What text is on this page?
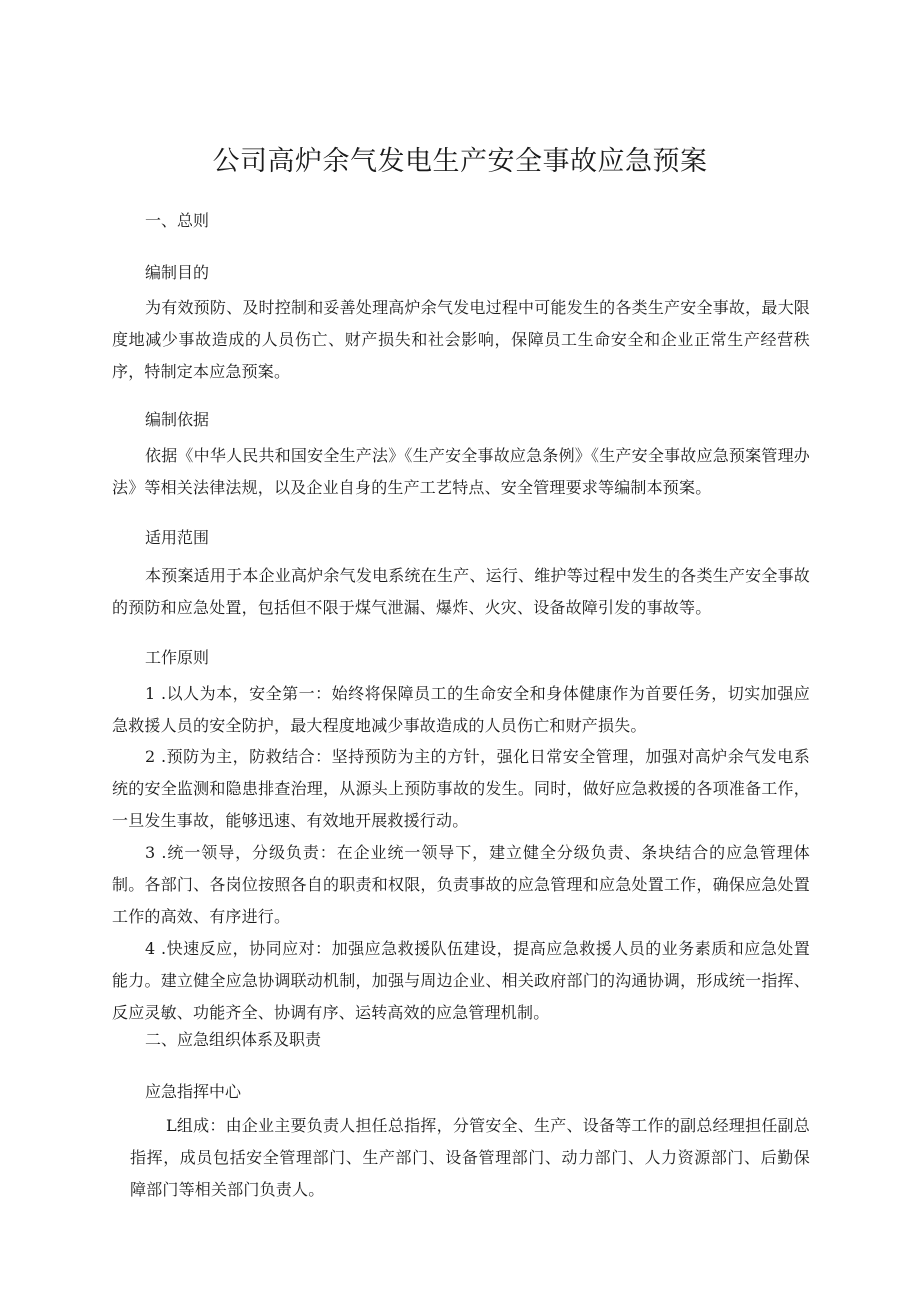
公司高炉余气发电生产安全事故应急预案
一、总则
编制目的
为有效预防、及时控制和妥善处理高炉余气发电过程中可能发生的各类生产安全事故，最大限度地减少事故造成的人员伤亡、财产损失和社会影响，保障员工生命安全和企业正常生产经营秩序，特制定本应急预案。
编制依据
依据《中华人民共和国安全生产法》《生产安全事故应急条例》《生产安全事故应急预案管理办法》等相关法律法规，以及企业自身的生产工艺特点、安全管理要求等编制本预案。
适用范围
本预案适用于本企业高炉余气发电系统在生产、运行、维护等过程中发生的各类生产安全事故的预防和应急处置，包括但不限于煤气泄漏、爆炸、火灾、设备故障引发的事故等。
工作原则
1 .以人为本，安全第一：始终将保障员工的生命安全和身体健康作为首要任务，切实加强应急救援人员的安全防护，最大程度地减少事故造成的人员伤亡和财产损失。
2 .预防为主，防救结合：坚持预防为主的方针，强化日常安全管理，加强对高炉余气发电系统的安全监测和隐患排查治理，从源头上预防事故的发生。同时，做好应急救援的各项准备工作，一旦发生事故，能够迅速、有效地开展救援行动。
3 .统一领导，分级负责：在企业统一领导下，建立健全分级负责、条块结合的应急管理体制。各部门、各岗位按照各自的职责和权限，负责事故的应急管理和应急处置工作，确保应急处置工作的高效、有序进行。
4 .快速反应，协同应对：加强应急救援队伍建设，提高应急救援人员的业务素质和应急处置能力。建立健全应急协调联动机制，加强与周边企业、相关政府部门的沟通协调，形成统一指挥、反应灵敏、功能齐全、协调有序、运转高效的应急管理机制。
二、应急组织体系及职责
应急指挥中心
L组成：由企业主要负责人担任总指挥，分管安全、生产、设备等工作的副总经理担任副总指挥，成员包括安全管理部门、生产部门、设备管理部门、动力部门、人力资源部门、后勤保障部门等相关部门负责人。
